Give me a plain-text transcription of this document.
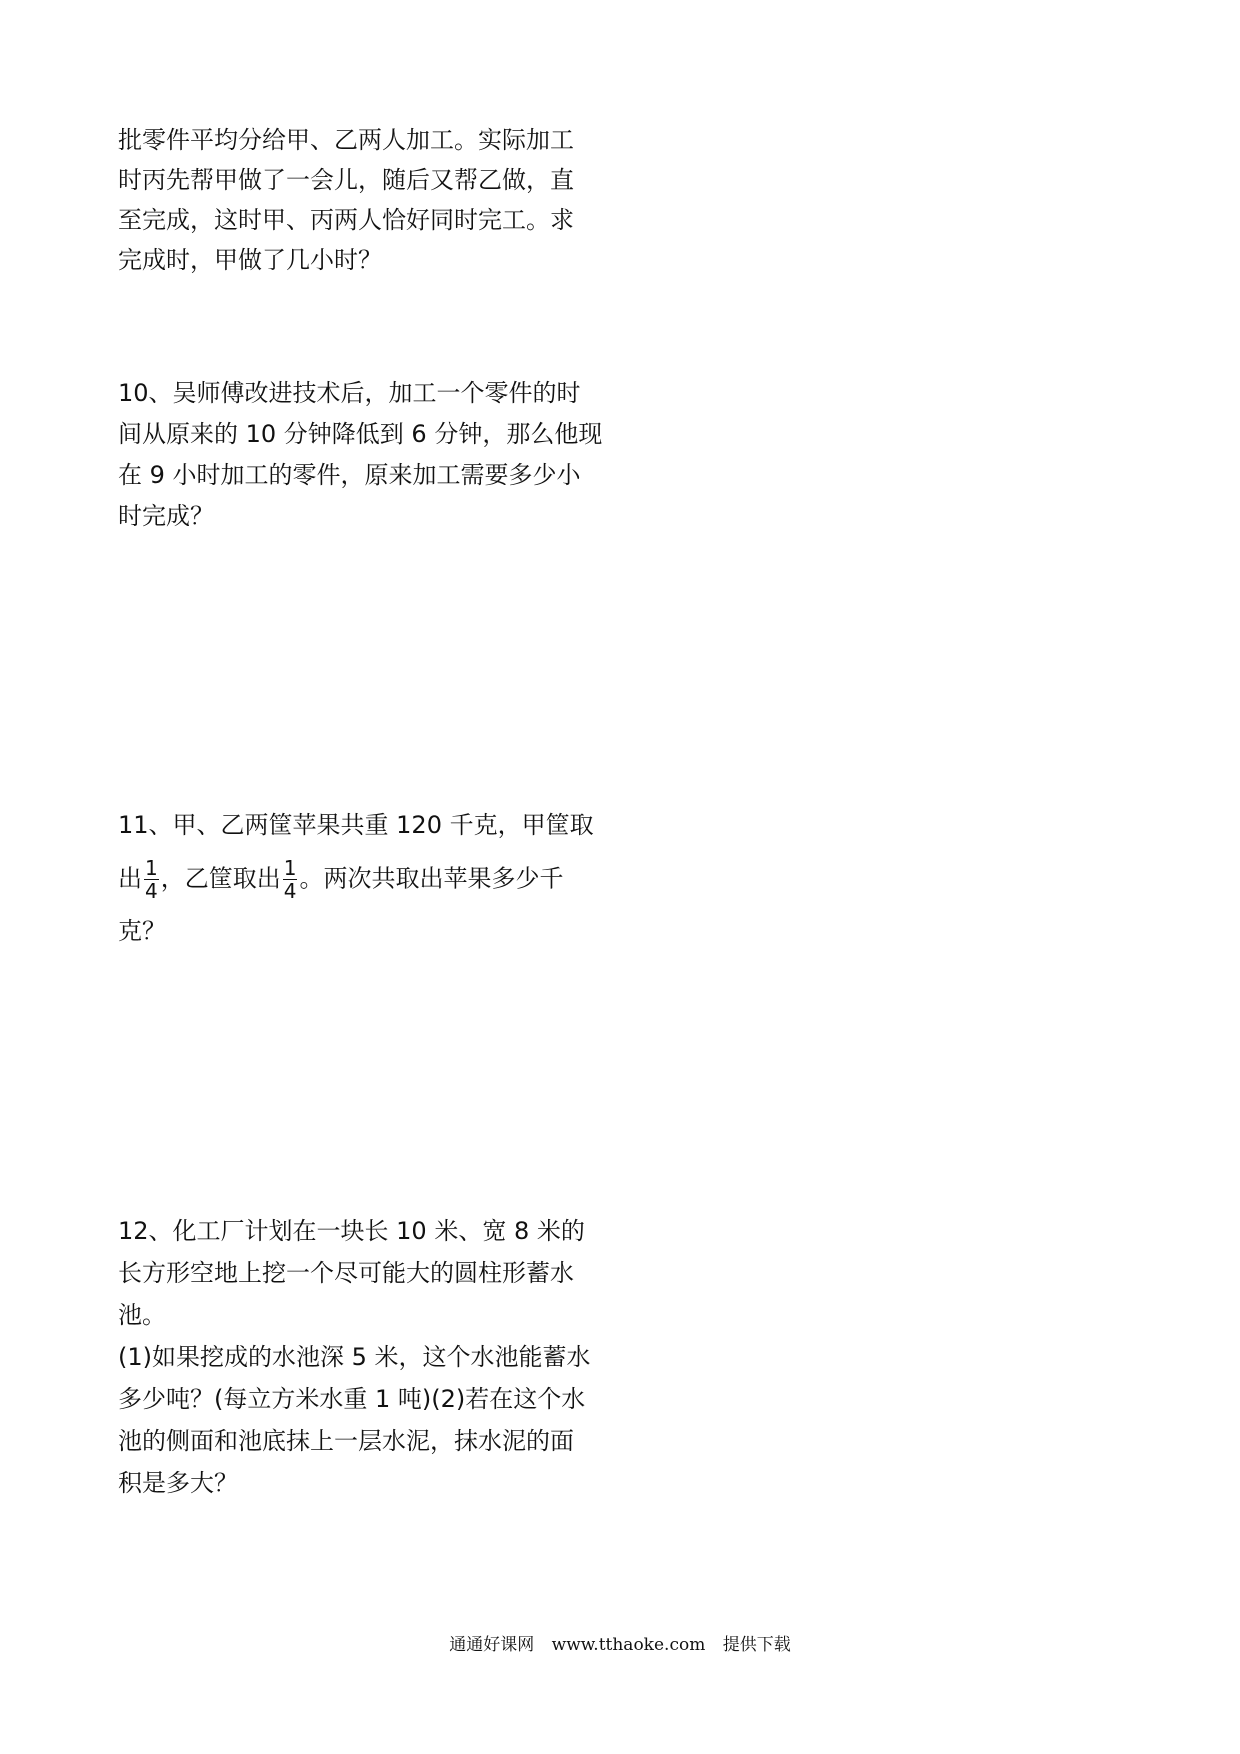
批零件平均分给甲、乙两人加工。实际加工
时丙先帮甲做了一会儿，随后又帮乙做，直
至完成，这时甲、丙两人恰好同时完工。求
完成时，甲做了几小时？
10、吴师傅改进技术后，加工一个零件的时
间从原来的 10 分钟降低到 6 分钟，那么他现
在 9 小时加工的零件，原来加工需要多少小
时完成？
11、甲、乙两筐苹果共重 120 千克，甲筐取
出 $\frac{1}{4}$ ，乙筐取出 $\frac{1}{4}$ 。两次共取出苹果多少千
克？
12、化工厂计划在一块长 10 米、宽 8 米的
长方形空地上挖一个尽可能大的圆柱形蓄水
池。
(1)如果挖成的水池深 5 米，这个水池能蓄水
多少吨？(每立方米水重 1 吨)(2)若在这个水
池的侧面和池底抹上一层水泥，抹水泥的面
积是多大？
通通好课网 www.tthaoke.com 提供下载
